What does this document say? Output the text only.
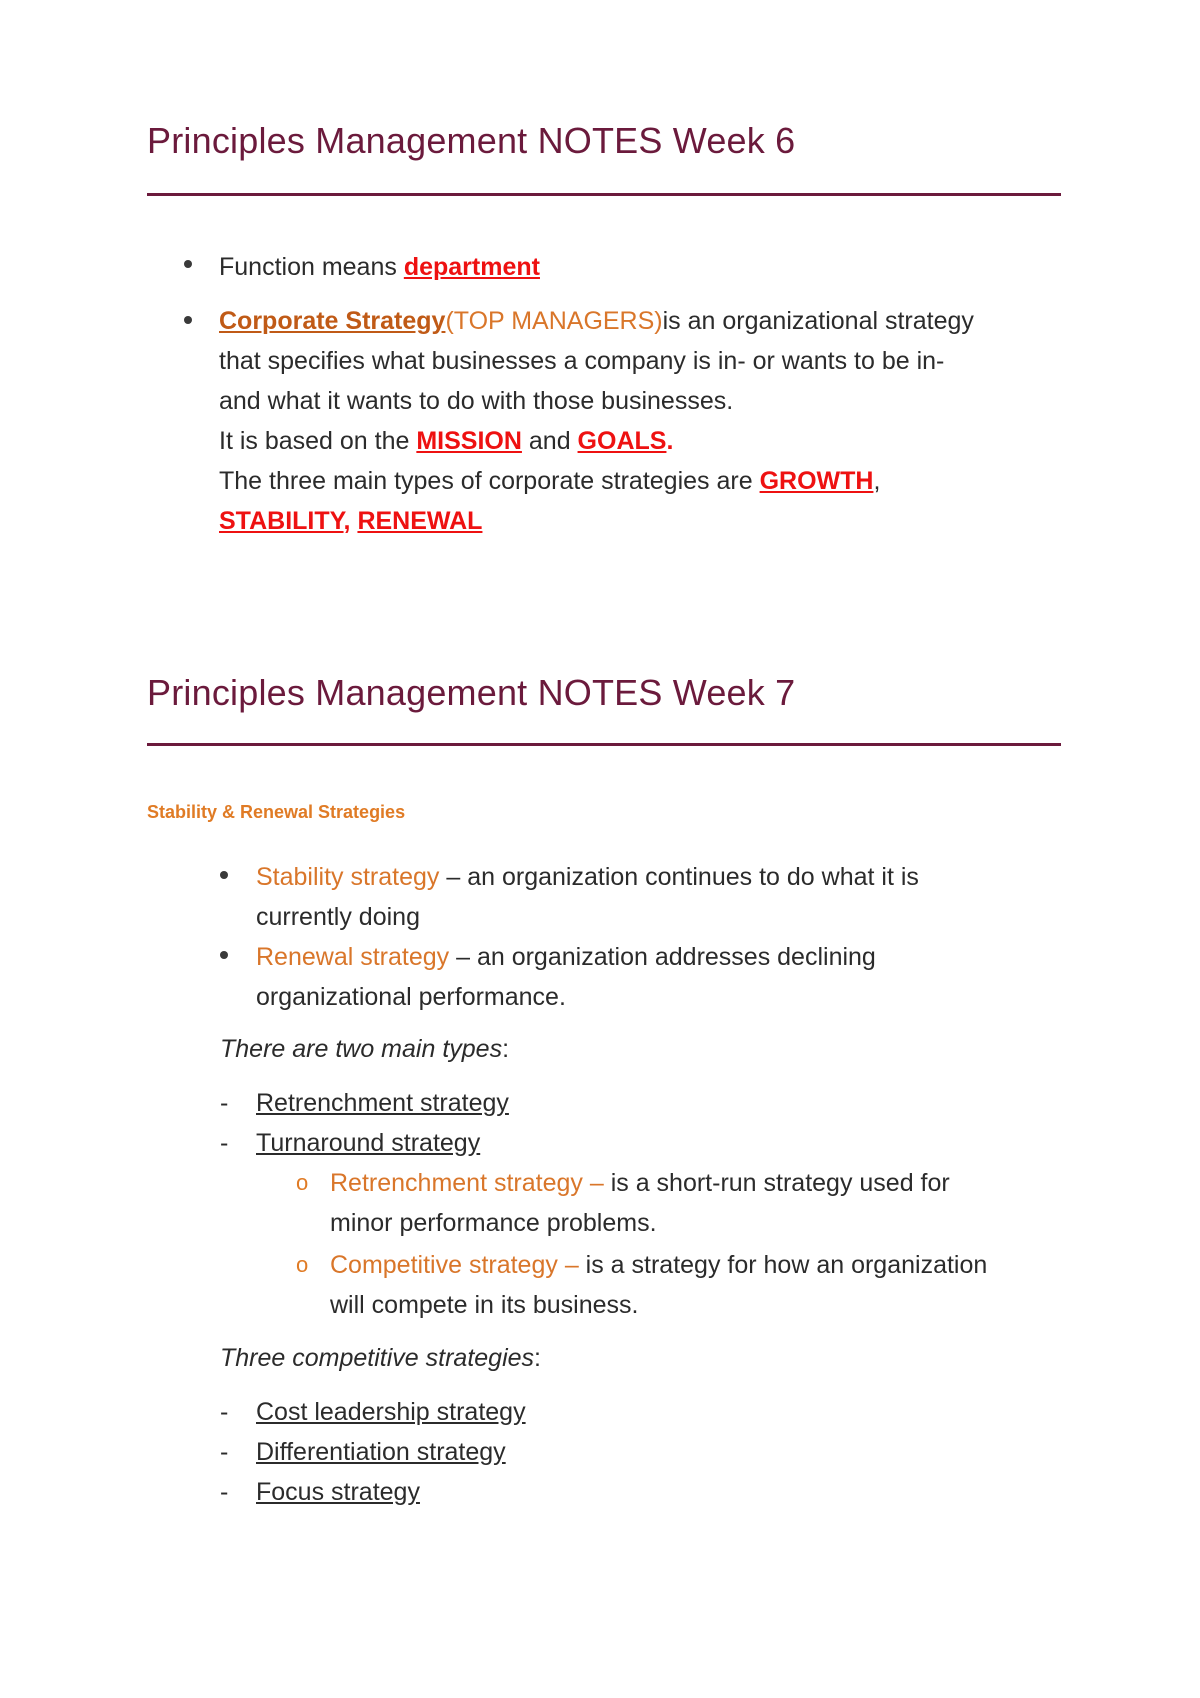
Principles Management NOTES Week 6
Function means department
Corporate Strategy(TOP MANAGERS)is an organizational strategy
that specifies what businesses a company is in- or wants to be in-
and what it wants to do with those businesses.
It is based on the MISSION and GOALS.
The three main types of corporate strategies are GROWTH,
STABILITY, RENEWAL
Principles Management NOTES Week 7
Stability & Renewal Strategies
Stability strategy – an organization continues to do what it is
currently doing
Renewal strategy – an organization addresses declining
organizational performance.
There are two main types:
- Retrenchment strategy
- Turnaround strategy
o Retrenchment strategy – is a short-run strategy used for
minor performance problems.
o Competitive strategy – is a strategy for how an organization
will compete in its business.
Three competitive strategies:
- Cost leadership strategy
- Differentiation strategy
- Focus strategy
